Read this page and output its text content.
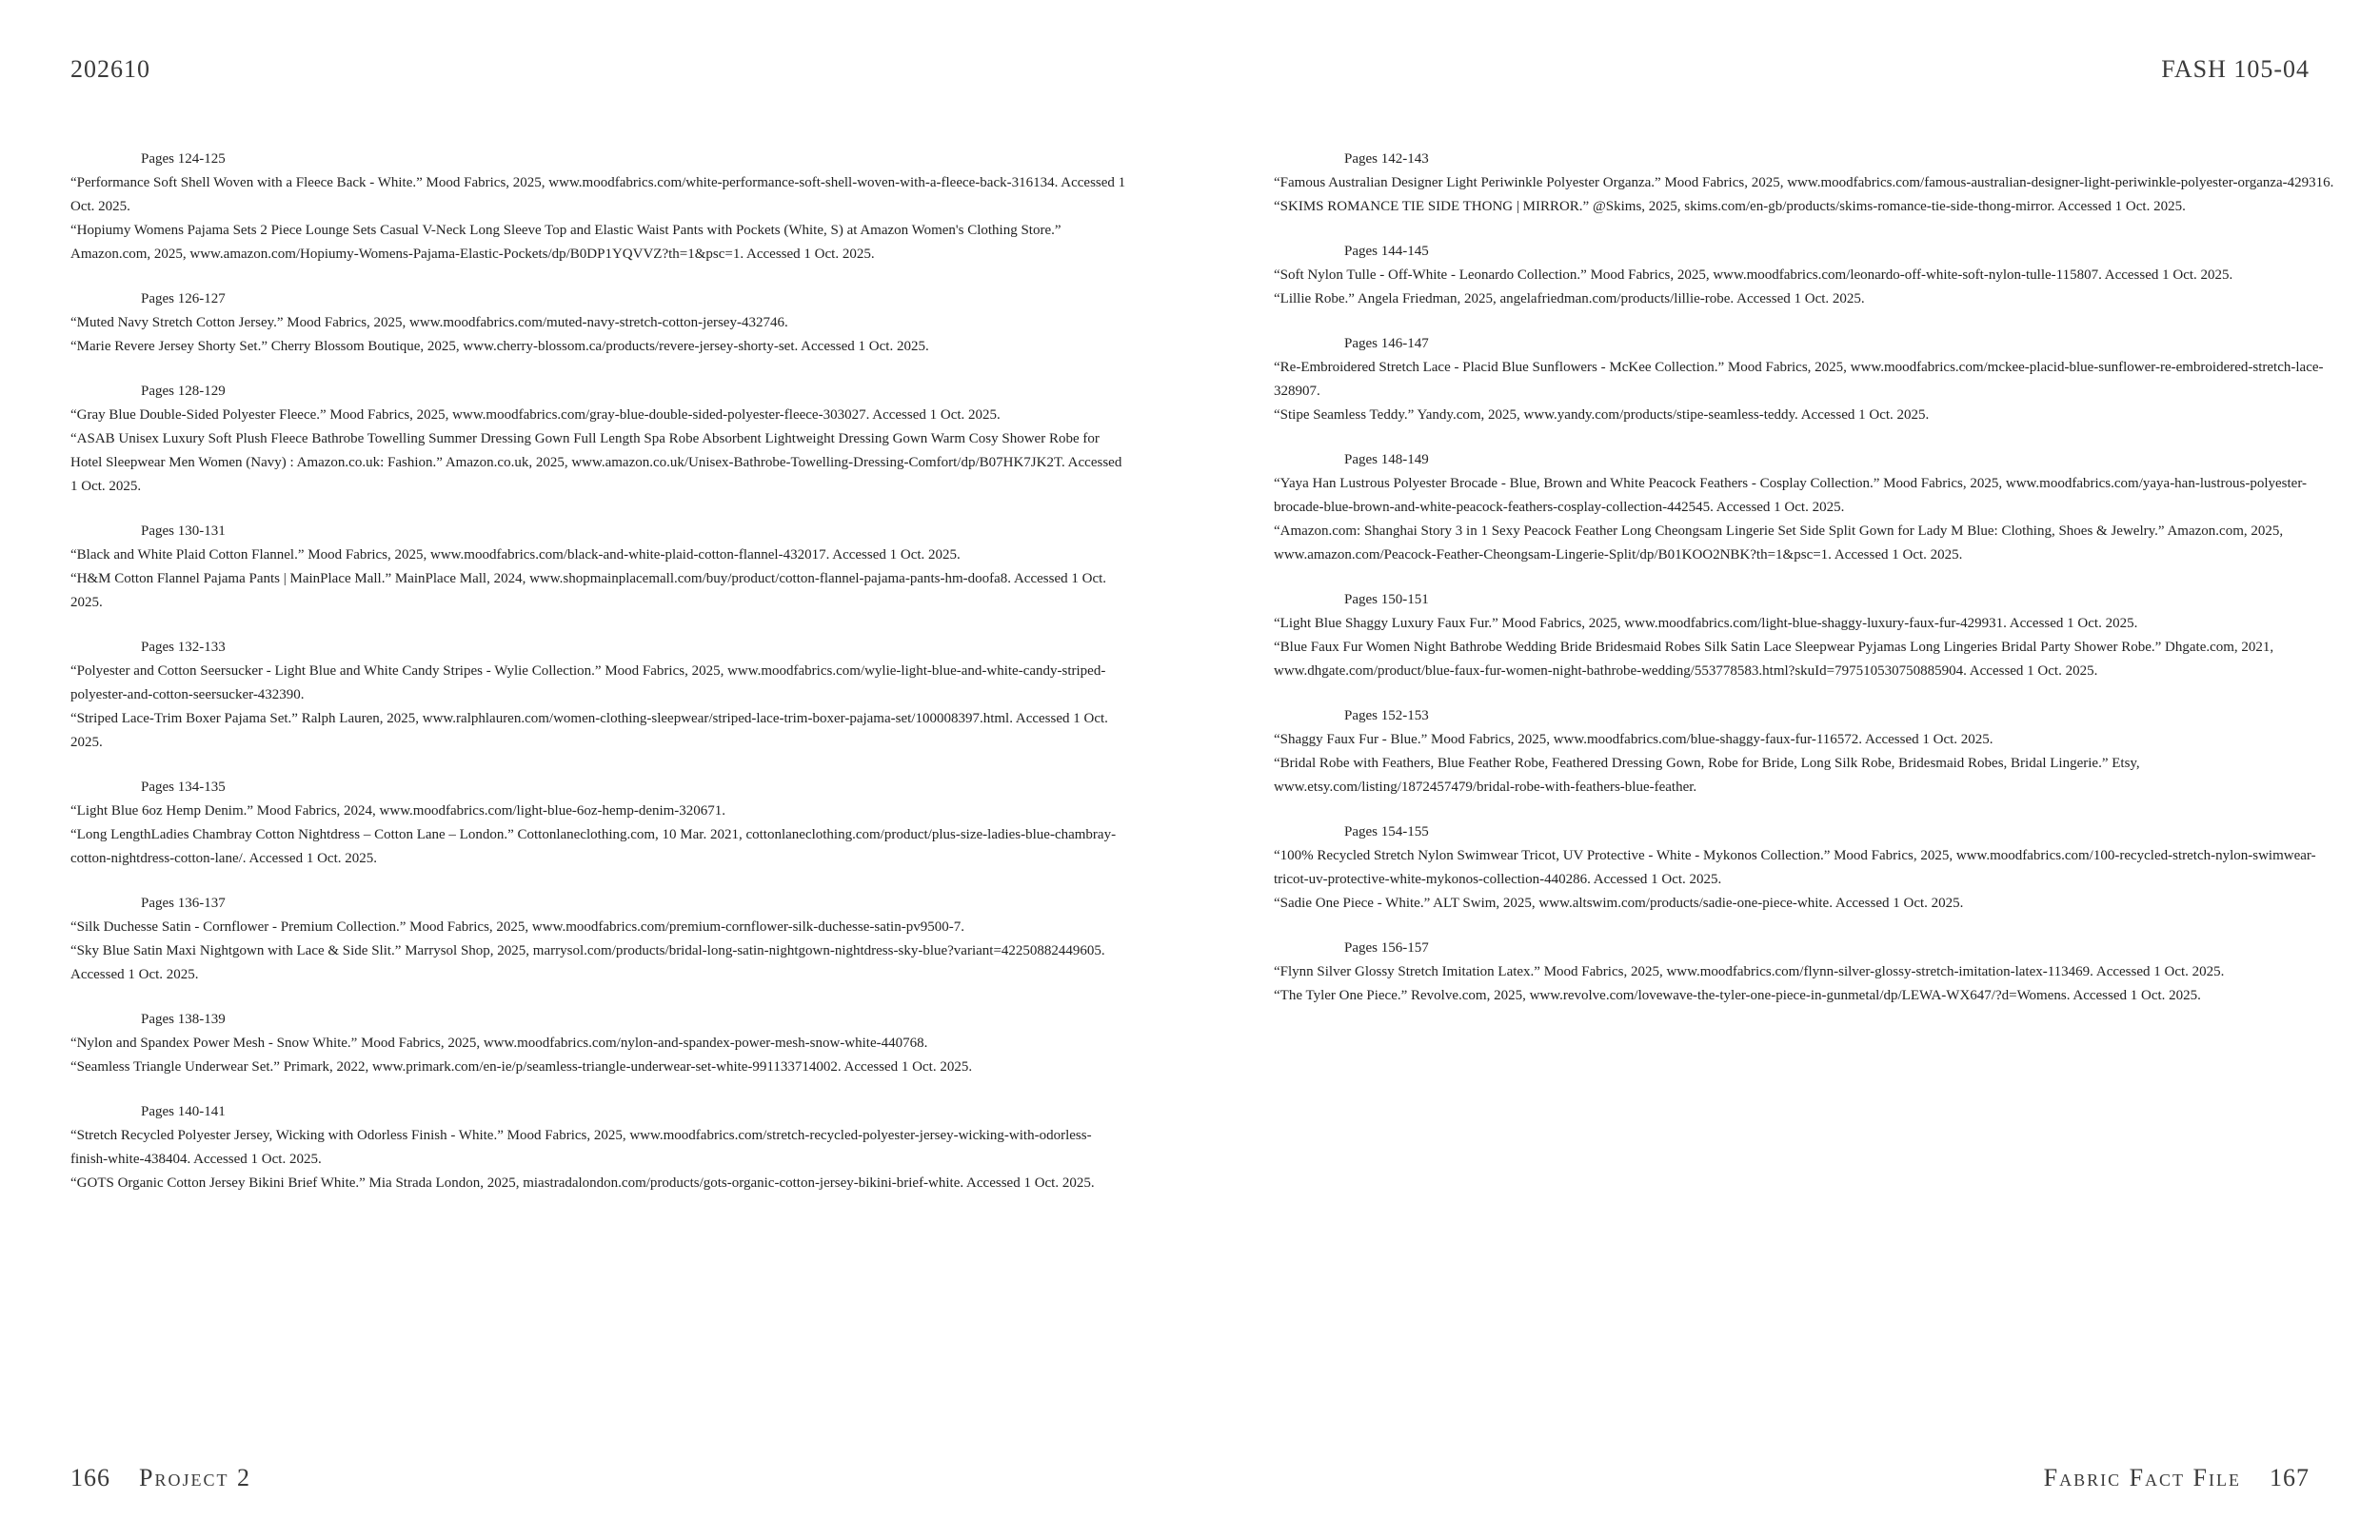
202610	FASH 105-04
Pages 124-125

“Performance Soft Shell Woven with a Fleece Back - White.” Mood Fabrics, 2025, www.moodfabrics.com/white-performance-soft-shell-woven-with-a-fleece-back-316134. Accessed 1 Oct. 2025.

“Hopiumy Womens Pajama Sets 2 Piece Lounge Sets Casual V-Neck Long Sleeve Top and Elastic Waist Pants with Pockets (White, S) at Amazon Women's Clothing Store.” Amazon.com, 2025, www.amazon.com/Hopiumy-Womens-Pajama-Elastic-Pockets/dp/B0DP1YQVVZ?th=1&psc=1. Accessed 1 Oct. 2025.

Pages 126-127

“Muted Navy Stretch Cotton Jersey.” Mood Fabrics, 2025, www.moodfabrics.com/muted-navy-stretch-cotton-jersey-432746.

“Marie Revere Jersey Shorty Set.” Cherry Blossom Boutique, 2025, www.cherry-blossom.ca/products/revere-jersey-shorty-set. Accessed 1 Oct. 2025.

Pages 128-129

“Gray Blue Double-Sided Polyester Fleece.” Mood Fabrics, 2025, www.moodfabrics.com/gray-blue-double-sided-polyester-fleece-303027. Accessed 1 Oct. 2025.

“ASAB Unisex Luxury Soft Plush Fleece Bathrobe Towelling Summer Dressing Gown Full Length Spa Robe Absorbent Lightweight Dressing Gown Warm Cosy Shower Robe for Hotel Sleepwear Men Women (Navy) : Amazon.co.uk: Fashion.” Amazon.co.uk, 2025, www.amazon.co.uk/Unisex-Bathrobe-Towelling-Dressing-Comfort/dp/B07HK7JK2T. Accessed 1 Oct. 2025.

Pages 130-131

“Black and White Plaid Cotton Flannel.” Mood Fabrics, 2025, www.moodfabrics.com/black-and-white-plaid-cotton-flannel-432017. Accessed 1 Oct. 2025.

“H&M Cotton Flannel Pajama Pants | MainPlace Mall.” MainPlace Mall, 2024, www.shopmainplacemall.com/buy/product/cotton-flannel-pajama-pants-hm-doofa8. Accessed 1 Oct. 2025.

Pages 132-133

“Polyester and Cotton Seersucker - Light Blue and White Candy Stripes - Wylie Collection.” Mood Fabrics, 2025, www.moodfabrics.com/wylie-light-blue-and-white-candy-striped-polyester-and-cotton-seersucker-432390.

“Striped Lace-Trim Boxer Pajama Set.” Ralph Lauren, 2025, www.ralphlauren.com/women-clothing-sleepwear/striped-lace-trim-boxer-pajama-set/100008397.html. Accessed 1 Oct. 2025.

Pages 134-135

“Light Blue 6oz Hemp Denim.” Mood Fabrics, 2024, www.moodfabrics.com/light-blue-6oz-hemp-denim-320671.

“Long LengthLadies Chambray Cotton Nightdress – Cotton Lane – London.” Cottonlaneclothing.com, 10 Mar. 2021, cottonlaneclothing.com/product/plus-size-ladies-blue-chambray-cotton-nightdress-cotton-lane/. Accessed 1 Oct. 2025.

Pages 136-137

“Silk Duchesse Satin - Cornflower - Premium Collection.” Mood Fabrics, 2025, www.moodfabrics.com/premium-cornflower-silk-duchesse-satin-pv9500-7.

“Sky Blue Satin Maxi Nightgown with Lace & Side Slit.” Marrysol Shop, 2025, marrysol.com/products/bridal-long-satin-nightgown-nightdress-sky-blue?variant=42250882449605. Accessed 1 Oct. 2025.

Pages 138-139

“Nylon and Spandex Power Mesh - Snow White.” Mood Fabrics, 2025, www.moodfabrics.com/nylon-and-spandex-power-mesh-snow-white-440768.

“Seamless Triangle Underwear Set.” Primark, 2022, www.primark.com/en-ie/p/seamless-triangle-underwear-set-white-991133714002. Accessed 1 Oct. 2025.

Pages 140-141

“Stretch Recycled Polyester Jersey, Wicking with Odorless Finish - White.” Mood Fabrics, 2025, www.moodfabrics.com/stretch-recycled-polyester-jersey-wicking-with-odorless-finish-white-438404. Accessed 1 Oct. 2025.

“GOTS Organic Cotton Jersey Bikini Brief White.” Mia Strada London, 2025, miastradalondon.com/products/gots-organic-cotton-jersey-bikini-brief-white. Accessed 1 Oct. 2025.

Pages 142-143

“Famous Australian Designer Light Periwinkle Polyester Organza.” Mood Fabrics, 2025, www.moodfabrics.com/famous-australian-designer-light-periwinkle-polyester-organza-429316.

“SKIMS ROMANCE TIE SIDE THONG | MIRROR.” @Skims, 2025, skims.com/en-gb/products/skims-romance-tie-side-thong-mirror. Accessed 1 Oct. 2025.

Pages 144-145

“Soft Nylon Tulle - Off-White - Leonardo Collection.” Mood Fabrics, 2025, www.moodfabrics.com/leonardo-off-white-soft-nylon-tulle-115807. Accessed 1 Oct. 2025.

“Lillie Robe.” Angela Friedman, 2025, angelafriedman.com/products/lillie-robe. Accessed 1 Oct. 2025.

Pages 146-147

“Re-Embroidered Stretch Lace - Placid Blue Sunflowers - McKee Collection.” Mood Fabrics, 2025, www.moodfabrics.com/mckee-placid-blue-sunflower-re-embroidered-stretch-lace-328907.

“Stipe Seamless Teddy.” Yandy.com, 2025, www.yandy.com/products/stipe-seamless-teddy. Accessed 1 Oct. 2025.

Pages 148-149

“Yaya Han Lustrous Polyester Brocade - Blue, Brown and White Peacock Feathers - Cosplay Collection.” Mood Fabrics, 2025, www.moodfabrics.com/yaya-han-lustrous-polyester-brocade-blue-brown-and-white-peacock-feathers-cosplay-collection-442545. Accessed 1 Oct. 2025.

“Amazon.com: Shanghai Story 3 in 1 Sexy Peacock Feather Long Cheongsam Lingerie Set Side Split Gown for Lady M Blue: Clothing, Shoes & Jewelry.” Amazon.com, 2025, www.amazon.com/Peacock-Feather-Cheongsam-Lingerie-Split/dp/B01KOO2NBK?th=1&psc=1. Accessed 1 Oct. 2025.

Pages 150-151

“Light Blue Shaggy Luxury Faux Fur.” Mood Fabrics, 2025, www.moodfabrics.com/light-blue-shaggy-luxury-faux-fur-429931. Accessed 1 Oct. 2025.

“Blue Faux Fur Women Night Bathrobe Wedding Bride Bridesmaid Robes Silk Satin Lace Sleepwear Pyjamas Long Lingeries Bridal Party Shower Robe.” Dhgate.com, 2021, www.dhgate.com/product/blue-faux-fur-women-night-bathrobe-wedding/553778583.html?skuId=797510530750885904. Accessed 1 Oct. 2025.

Pages 152-153

“Shaggy Faux Fur - Blue.” Mood Fabrics, 2025, www.moodfabrics.com/blue-shaggy-faux-fur-116572. Accessed 1 Oct. 2025.

“Bridal Robe with Feathers, Blue Feather Robe, Feathered Dressing Gown, Robe for Bride, Long Silk Robe, Bridesmaid Robes, Bridal Lingerie.” Etsy, www.etsy.com/listing/1872457479/bridal-robe-with-feathers-blue-feather.

Pages 154-155

“100% Recycled Stretch Nylon Swimwear Tricot, UV Protective - White - Mykonos Collection.” Mood Fabrics, 2025, www.moodfabrics.com/100-recycled-stretch-nylon-swimwear-tricot-uv-protective-white-mykonos-collection-440286. Accessed 1 Oct. 2025.

“Sadie One Piece - White.” ALT Swim, 2025, www.altswim.com/products/sadie-one-piece-white. Accessed 1 Oct. 2025.

Pages 156-157

“Flynn Silver Glossy Stretch Imitation Latex.” Mood Fabrics, 2025, www.moodfabrics.com/flynn-silver-glossy-stretch-imitation-latex-113469. Accessed 1 Oct. 2025.

“The Tyler One Piece.” Revolve.com, 2025, www.revolve.com/lovewave-the-tyler-one-piece-in-gunmetal/dp/LEWA-WX647/?d=Womens. Accessed 1 Oct. 2025.

166 Project 2	Fabric Fact File 167
